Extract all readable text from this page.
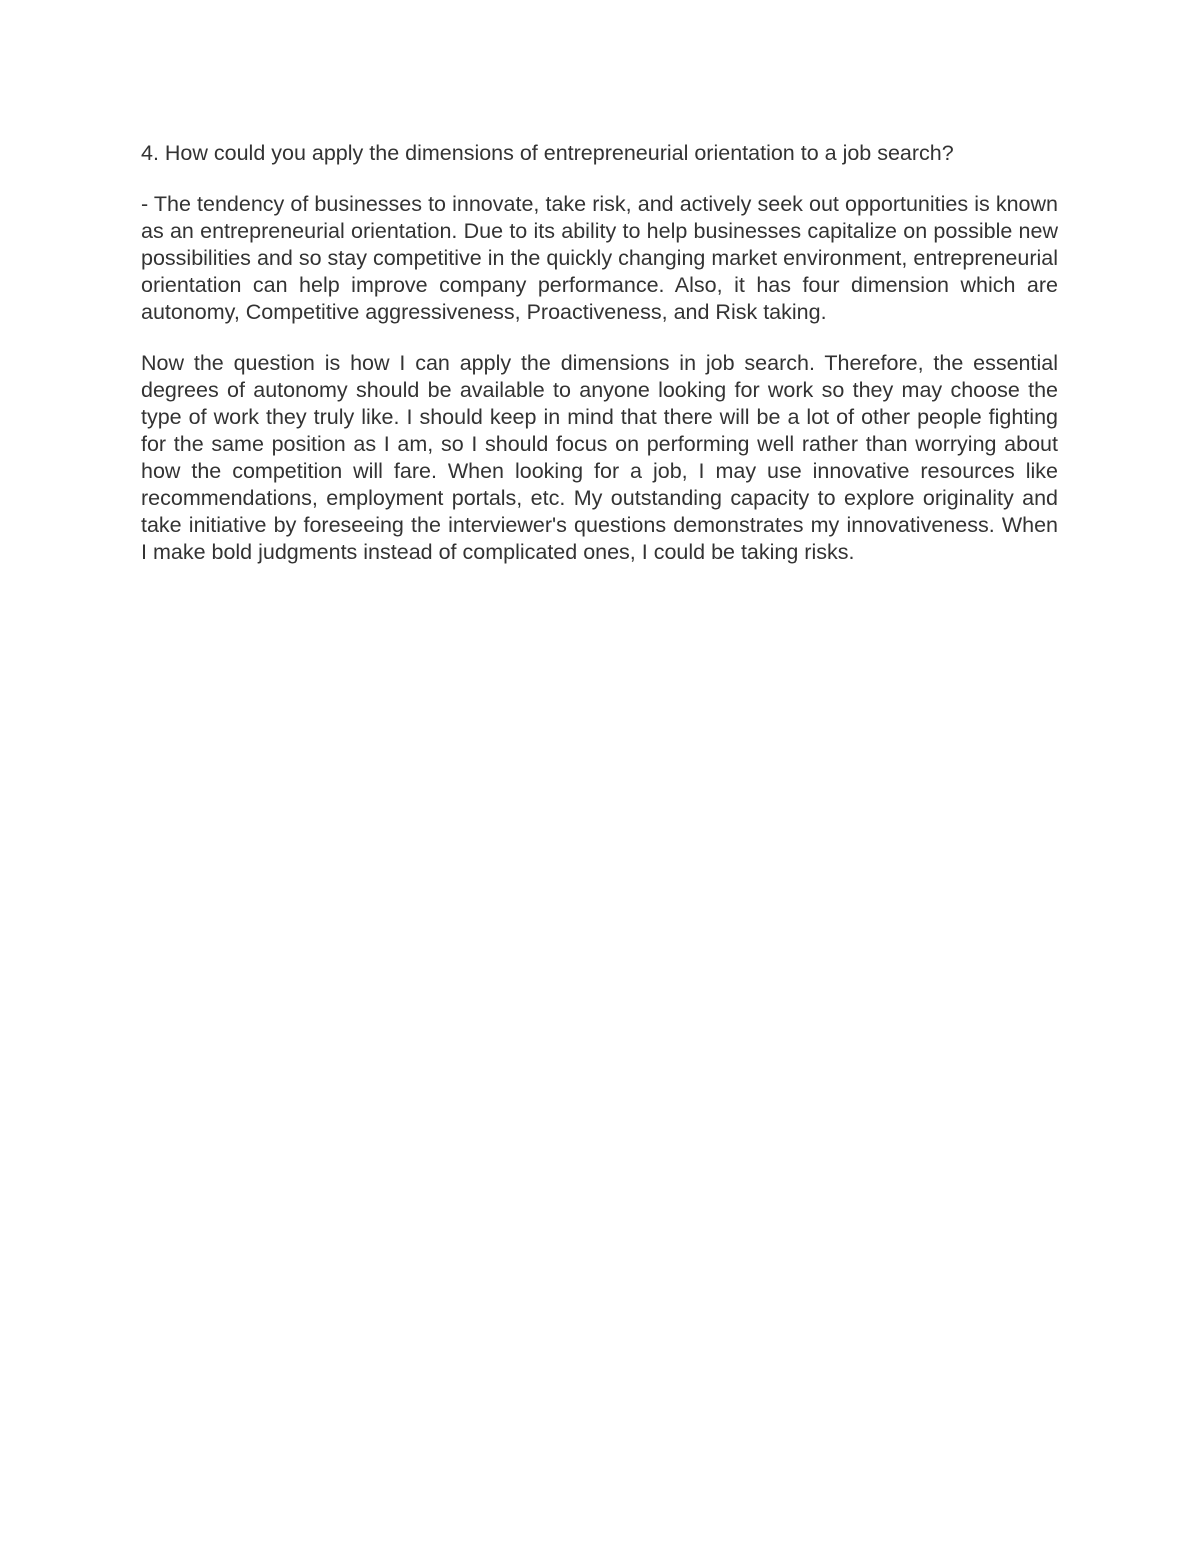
4. How could you apply the dimensions of entrepreneurial orientation to a job search?

- The tendency of businesses to innovate, take risk, and actively seek out opportunities is known as an entrepreneurial orientation. Due to its ability to help businesses capitalize on possible new possibilities and so stay competitive in the quickly changing market environment, entrepreneurial orientation can help improve company performance. Also, it has four dimension which are autonomy, Competitive aggressiveness, Proactiveness, and Risk taking.

Now the question is how I can apply the dimensions in job search. Therefore, the essential degrees of autonomy should be available to anyone looking for work so they may choose the type of work they truly like. I should keep in mind that there will be a lot of other people fighting for the same position as I am, so I should focus on performing well rather than worrying about how the competition will fare. When looking for a job, I may use innovative resources like recommendations, employment portals, etc. My outstanding capacity to explore originality and take initiative by foreseeing the interviewer's questions demonstrates my innovativeness. When I make bold judgments instead of complicated ones, I could be taking risks.
